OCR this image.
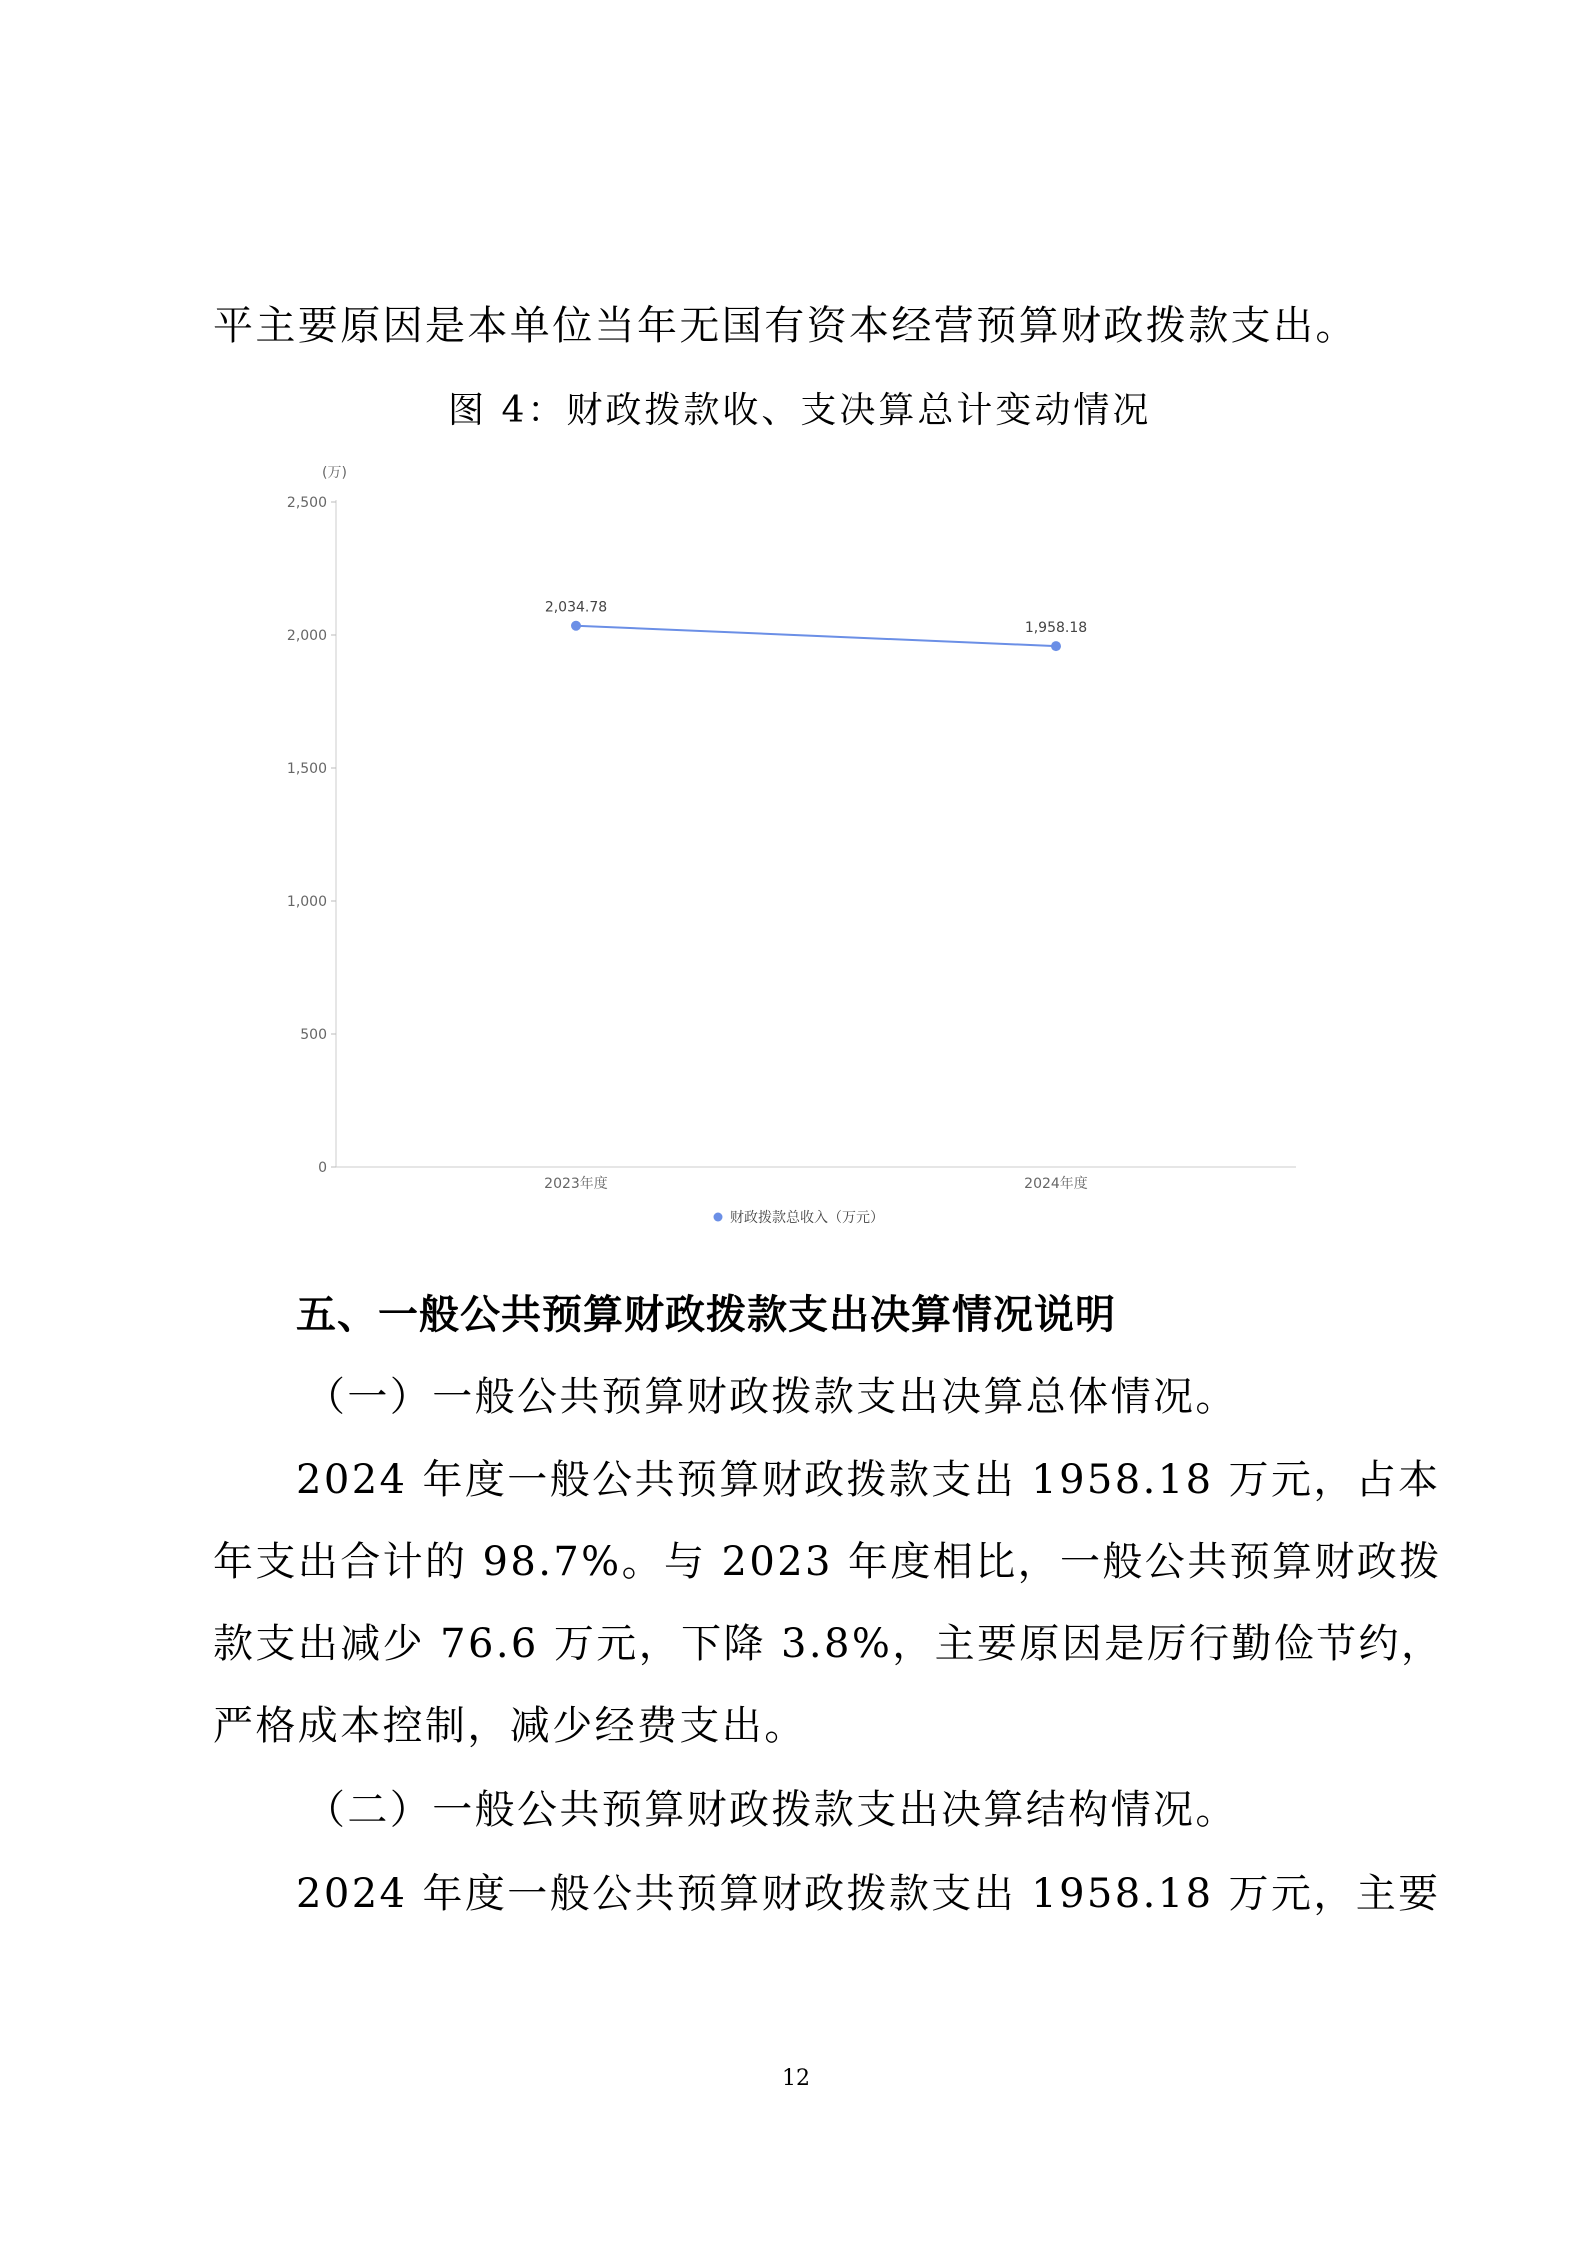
平主要原因是本单位当年无国有资本经营预算财政拨款支出。
图 4：财政拨款收、支决算总计变动情况
(万)
0
500
1,000
1,500
2,000
2,500
2023年度	2024年度
2,034.78
1,958.18
财政拨款总收入（万元）
五、一般公共预算财政拨款支出决算情况说明
（一）一般公共预算财政拨款支出决算总体情况。
2024 年度一般公共预算财政拨款支出 1958.18 万元，占本
年支出合计的 98.7%。与 2023 年度相比，一般公共预算财政拨
款支出减少 76.6 万元，下降 3.8%，主要原因是厉行勤俭节约，
严格成本控制，减少经费支出。
（二）一般公共预算财政拨款支出决算结构情况。
2024 年度一般公共预算财政拨款支出 1958.18 万元，主要
12
